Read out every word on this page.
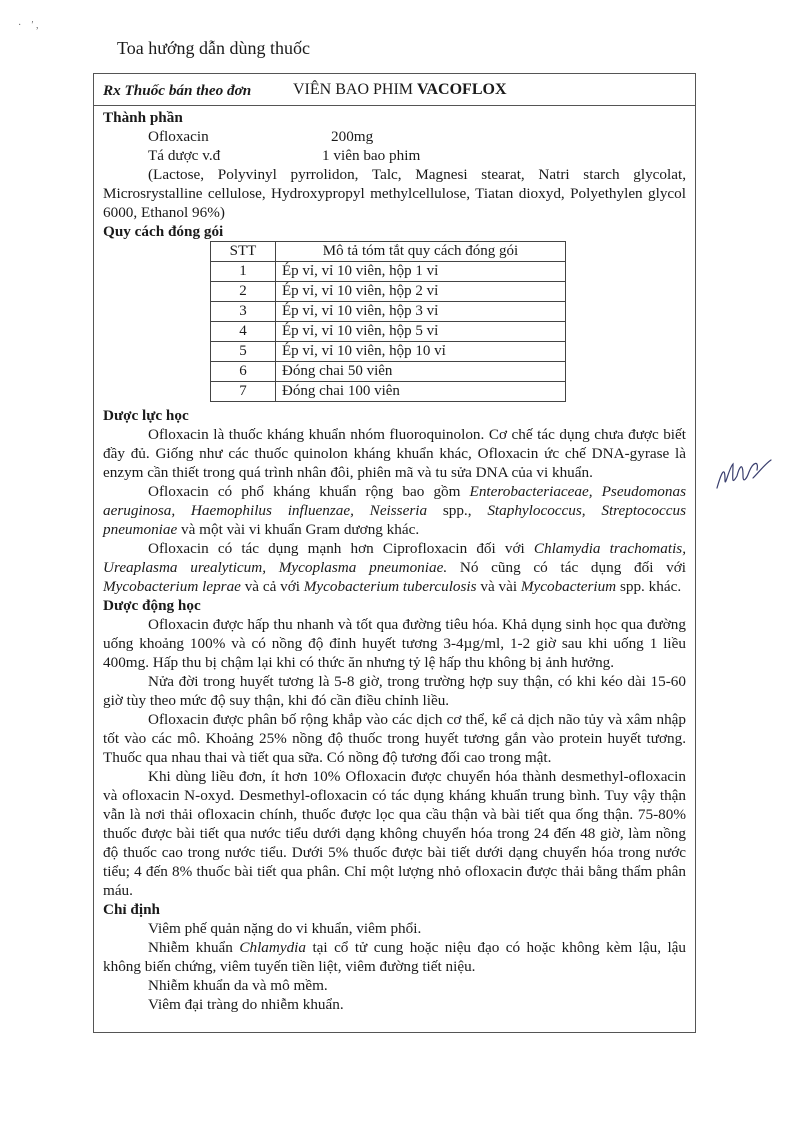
·    ′ ,
Toa hướng dẫn dùng thuốc
Rx Thuốc bán theo đơn	VIÊN BAO PHIM VACOFLOX
Thành phần
Ofloxacin	200mg
Tá dược v.đ	1 viên bao phim

(Lactose, Polyvinyl pyrrolidon, Talc, Magnesi stearat, Natri starch glycolat, Microsrystalline cellulose, Hydroxypropyl methylcellulose, Tiatan dioxyd, Polyethylen glycol 6000, Ethanol 96%)

Quy cách đóng gói
STT	Mô tả tóm tắt quy cách đóng gói
1	Ép vỉ, vỉ 10 viên, hộp 1 vỉ
2	Ép vỉ, vỉ 10 viên, hộp 2 vỉ
3	Ép vỉ, vỉ 10 viên, hộp 3 vỉ
4	Ép vỉ, vỉ 10 viên, hộp 5 vỉ
5	Ép vỉ, vỉ 10 viên, hộp 10 vỉ
6	Đóng chai 50 viên
7	Đóng chai 100 viên
Dược lực học

Ofloxacin là thuốc kháng khuẩn nhóm fluoroquinolon. Cơ chế tác dụng chưa được biết đầy đủ. Giống như các thuốc quinolon kháng khuẩn khác, Ofloxacin ức chế DNA-gyrase là enzym cần thiết trong quá trình nhân đôi, phiên mã và tu sửa DNA của vi khuẩn.

Ofloxacin có phổ kháng khuẩn rộng bao gồm Enterobacteriaceae, Pseudomonas aeruginosa, Haemophilus influenzae, Neisseria spp., Staphylococcus, Streptococcus pneumoniae và một vài vi khuẩn Gram dương khác.

Ofloxacin có tác dụng mạnh hơn Ciprofloxacin đối với Chlamydia trachomatis, Ureaplasma urealyticum, Mycoplasma pneumoniae. Nó cũng có tác dụng đối với Mycobacterium leprae và cả với Mycobacterium tuberculosis và vài Mycobacterium spp. khác.

Dược động học

Ofloxacin được hấp thu nhanh và tốt qua đường tiêu hóa. Khả dụng sinh học qua đường uống khoảng 100% và có nồng độ đỉnh huyết tương 3-4µg/ml, 1-2 giờ sau khi uống 1 liều 400mg. Hấp thu bị chậm lại khi có thức ăn nhưng tỷ lệ hấp thu không bị ảnh hưởng.

Nửa đời trong huyết tương là 5-8 giờ, trong trường hợp suy thận, có khi kéo dài 15-60 giờ tùy theo mức độ suy thận, khi đó cần điều chỉnh liều.

Ofloxacin được phân bố rộng khắp vào các dịch cơ thể, kể cả dịch não tủy và xâm nhập tốt vào các mô. Khoảng 25% nồng độ thuốc trong huyết tương gắn vào protein huyết tương. Thuốc qua nhau thai và tiết qua sữa. Có nồng độ tương đối cao trong mật.

Khi dùng liều đơn, ít hơn 10% Ofloxacin được chuyển hóa thành desmethyl-ofloxacin và ofloxacin N-oxyd. Desmethyl-ofloxacin có tác dụng kháng khuẩn trung bình. Tuy vậy thận vẫn là nơi thải ofloxacin chính, thuốc được lọc qua cầu thận và bài tiết qua ống thận. 75-80% thuốc được bài tiết qua nước tiểu dưới dạng không chuyển hóa trong 24 đến 48 giờ, làm nồng độ thuốc cao trong nước tiểu. Dưới 5% thuốc được bài tiết dưới dạng chuyển hóa trong nước tiểu; 4 đến 8% thuốc bài tiết qua phân. Chỉ một lượng nhỏ ofloxacin được thải bằng thẩm phân máu.

Chỉ định

Viêm phế quản nặng do vi khuẩn, viêm phổi.

Nhiễm khuẩn Chlamydia tại cổ tử cung hoặc niệu đạo có hoặc không kèm lậu, lậu không biến chứng, viêm tuyến tiền liệt, viêm đường tiết niệu.

Nhiễm khuẩn da và mô mềm.

Viêm đại tràng do nhiễm khuẩn.
